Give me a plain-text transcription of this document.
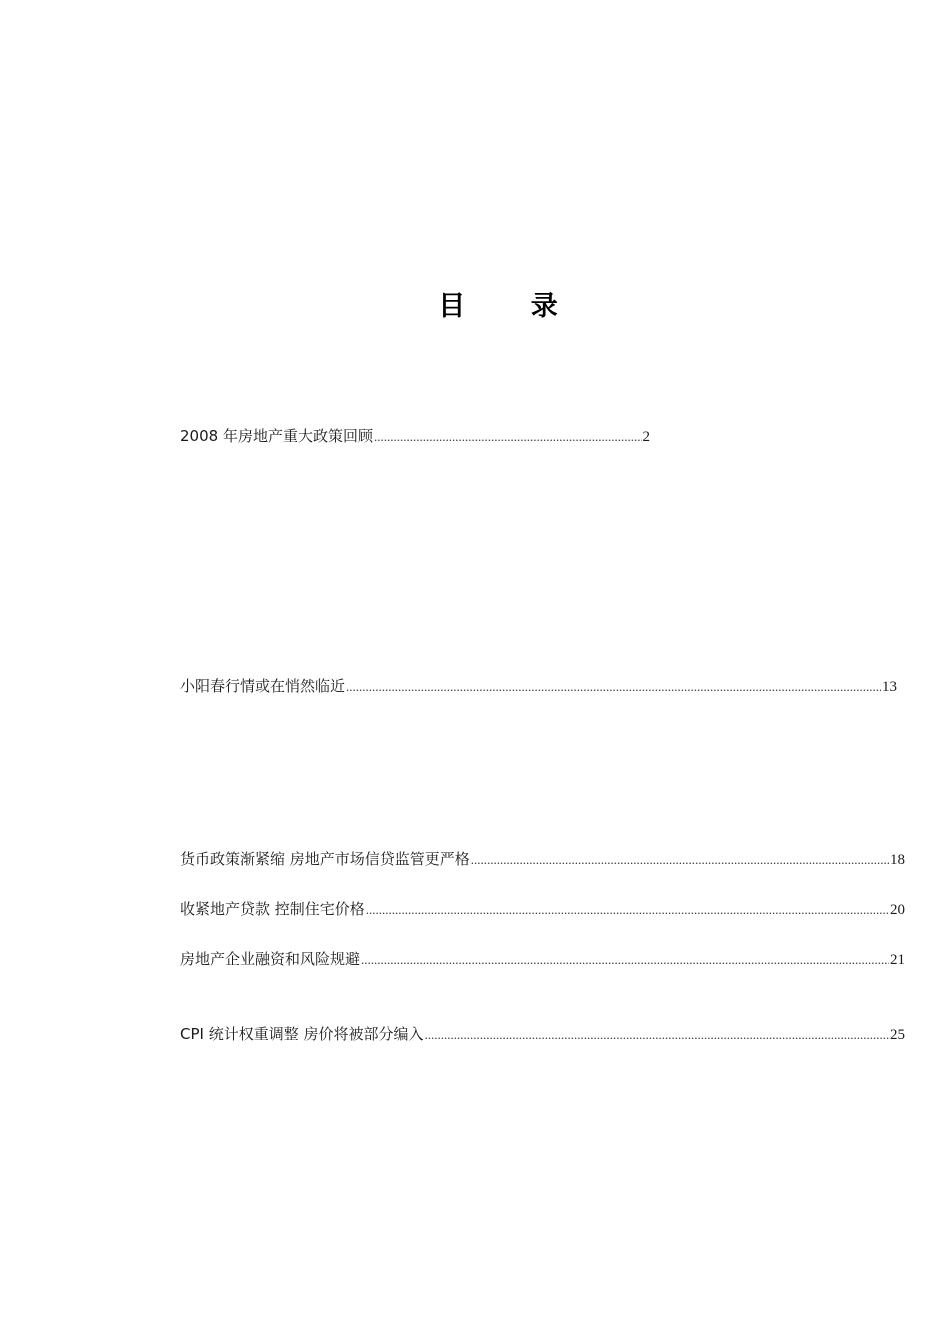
目 录
2008 年房地产重大政策回顾 .....	2
小阳春行情或在悄然临近 .....	13
货币政策渐紧缩 房地产市场信贷监管更严格 .....	18
收紧地产贷款 控制住宅价格 .....	20
房地产企业融资和风险规避 .....	21
CPI 统计权重调整 房价将被部分编入 .....	25
